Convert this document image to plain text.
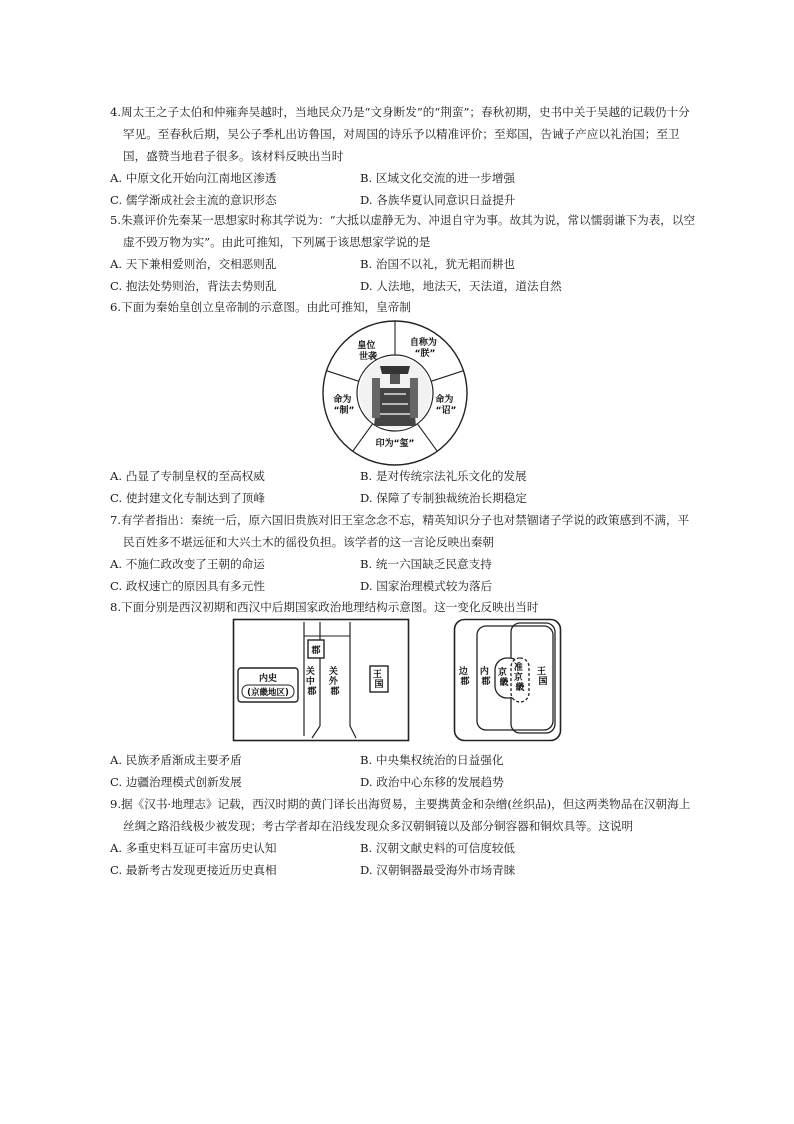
4.周太王之子太伯和仲雍奔吴越时，当地民众乃是“文身断发”的“荆蛮”；春秋初期，史书中关于吴越的记载仍十分罕见。至春秋后期，吴公子季札出访鲁国，对周国的诗乐予以精准评价；至郑国，告诫子产应以礼治国；至卫国，盛赞当地君子很多。该材料反映出当时

A. 中原文化开始向江南地区渗透	B. 区域文化交流的进一步增强
C. 儒学渐成社会主流的意识形态	D. 各族华夏认同意识日益提升

5.朱熹评价先秦某一思想家时称其学说为：“大抵以虚静无为、冲退自守为事。故其为说，常以懦弱谦下为表，以空虚不毁万物为实”。由此可推知，下列属于该思想家学说的是

A. 天下兼相爱则治，交相恶则乱	B. 治国不以礼，犹无耜而耕也
C. 抱法处势则治，背法去势则乱	D. 人法地，地法天，天法道，道法自然

6.下面为秦始皇创立皇帝制的示意图。由此可推知，皇帝制

皇位 世袭
自称为 “朕”
命为 “诏”
印为“玺”
命为 “制”
A. 凸显了专制皇权的至高权威	B. 是对传统宗法礼乐文化的发展
C. 使封建文化专制达到了顶峰	D. 保障了专制独裁统治长期稳定

7.有学者指出：秦统一后，原六国旧贵族对旧王室念念不忘，精英知识分子也对禁锢诸子学说的政策感到不满，平民百姓多不堪远征和大兴土木的徭役负担。该学者的这一言论反映出秦朝

A. 不施仁政改变了王朝的命运	B. 统一六国缺乏民意支持
C. 政权速亡的原因具有多元性	D. 国家治理模式较为落后

8.下面分别是西汉初期和西汉中后期国家政治地理结构示意图。这一变化反映出当时

郡
内史
(京畿地区)
关 中 郡
关 外 郡
王 国
边 郡
内 郡
京 畿
准 京 畿
王 国
A. 民族矛盾渐成主要矛盾	B. 中央集权统治的日益强化
C. 边疆治理模式创新发展	D. 政治中心东移的发展趋势

9.据《汉书·地理志》记载，西汉时期的黄门译长出海贸易，主要携黄金和杂缯(丝织品)，但这两类物品在汉朝海上丝绸之路沿线极少被发现；考古学者却在沿线发现众多汉朝铜镜以及部分铜容器和铜炊具等。这说明

A. 多重史料互证可丰富历史认知	B. 汉朝文献史料的可信度较低
C. 最新考古发现更接近历史真相	D. 汉朝铜器最受海外市场青睐
